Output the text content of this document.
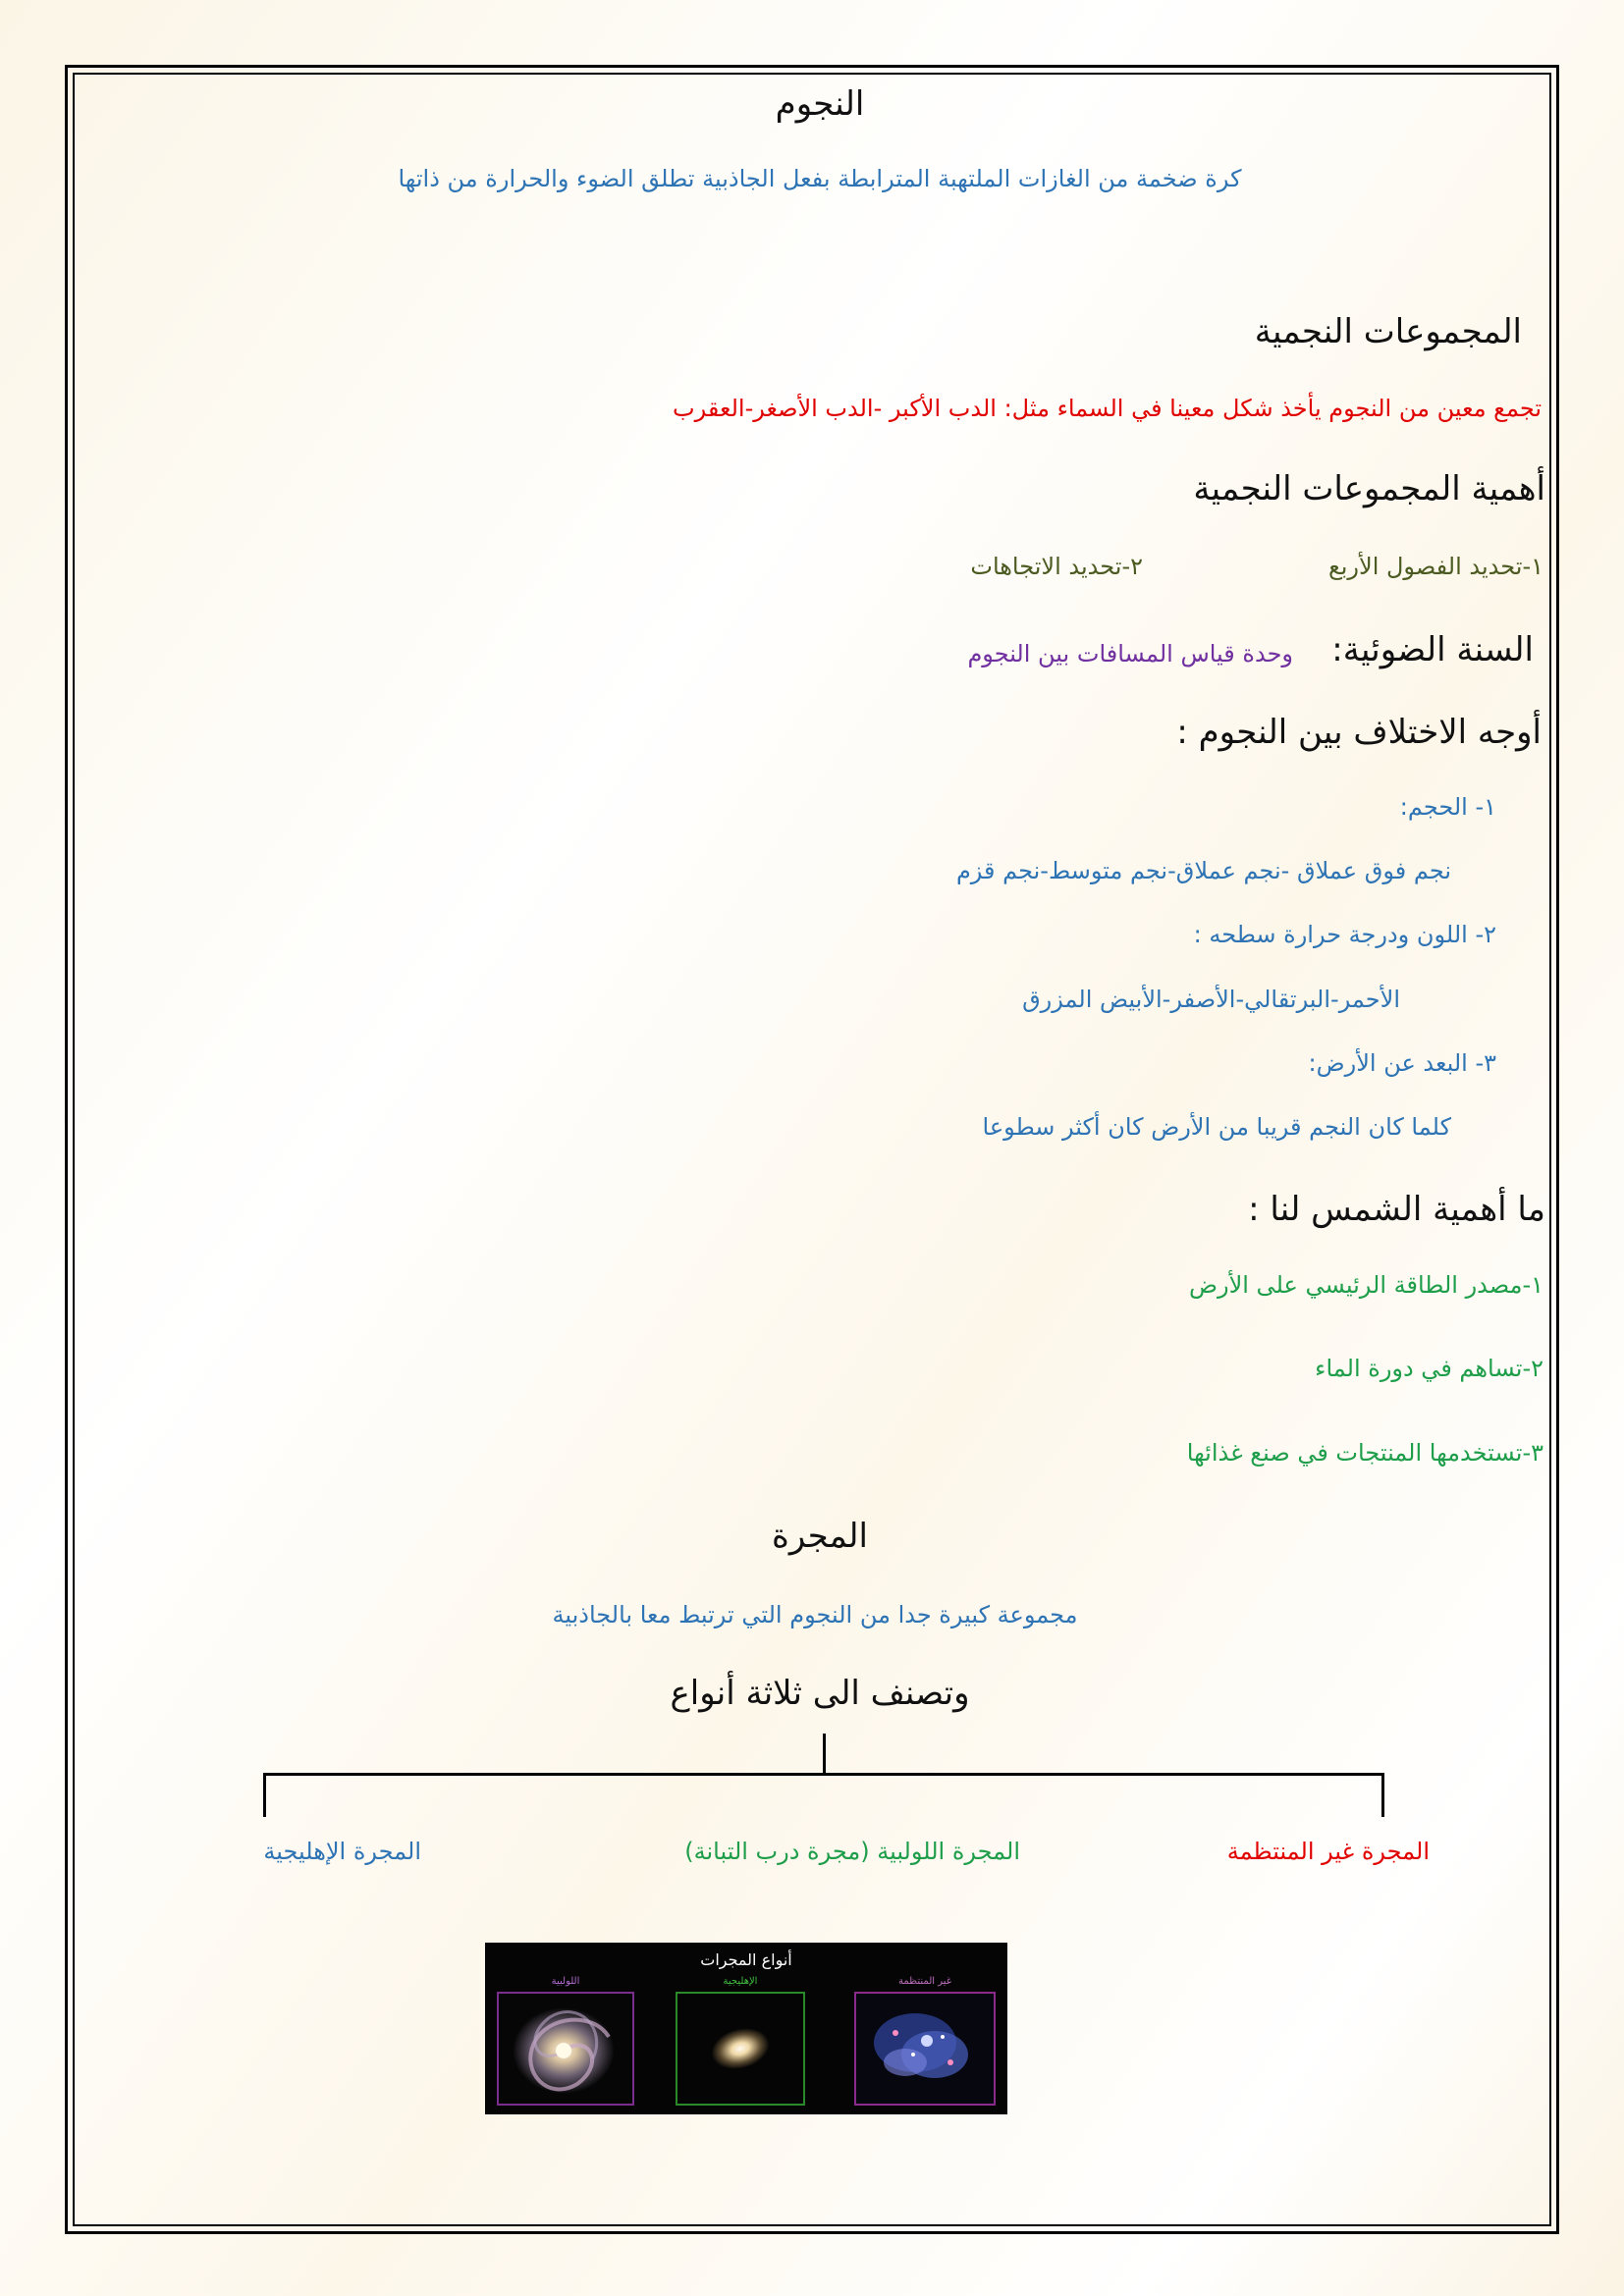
النجوم
كرة ضخمة من الغازات الملتهبة المترابطة بفعل الجاذبية تطلق الضوء والحرارة من ذاتها
المجموعات النجمية
تجمع معين من النجوم يأخذ شكل معينا في السماء مثل: الدب الأكبر -الدب الأصغر-العقرب
أهمية المجموعات النجمية
١-تحديد الفصول الأربع
٢-تحديد الاتجاهات
السنة الضوئية:
وحدة قياس المسافات بين النجوم
أوجه الاختلاف بين النجوم :
١- الحجم:
نجم فوق عملاق -نجم عملاق-نجم متوسط-نجم قزم
٢- اللون ودرجة حرارة سطحه :
الأحمر-البرتقالي-الأصفر-الأبيض المزرق
٣- البعد عن الأرض:
كلما كان النجم قريبا من الأرض كان أكثر سطوعا
ما أهمية الشمس لنا :
١-مصدر الطاقة الرئيسي على الأرض
٢-تساهم في دورة الماء
٣-تستخدمها المنتجات في صنع غذائها
المجرة
مجموعة كبيرة جدا من النجوم التي ترتبط معا بالجاذبية
وتصنف الى ثلاثة أنواع
المجرة غير المنتظمة
المجرة اللولبية (مجرة درب التبانة)
المجرة الإهليجية
أنواع المجرات
اللولبية	الإهليجية	غير المنتظمة
